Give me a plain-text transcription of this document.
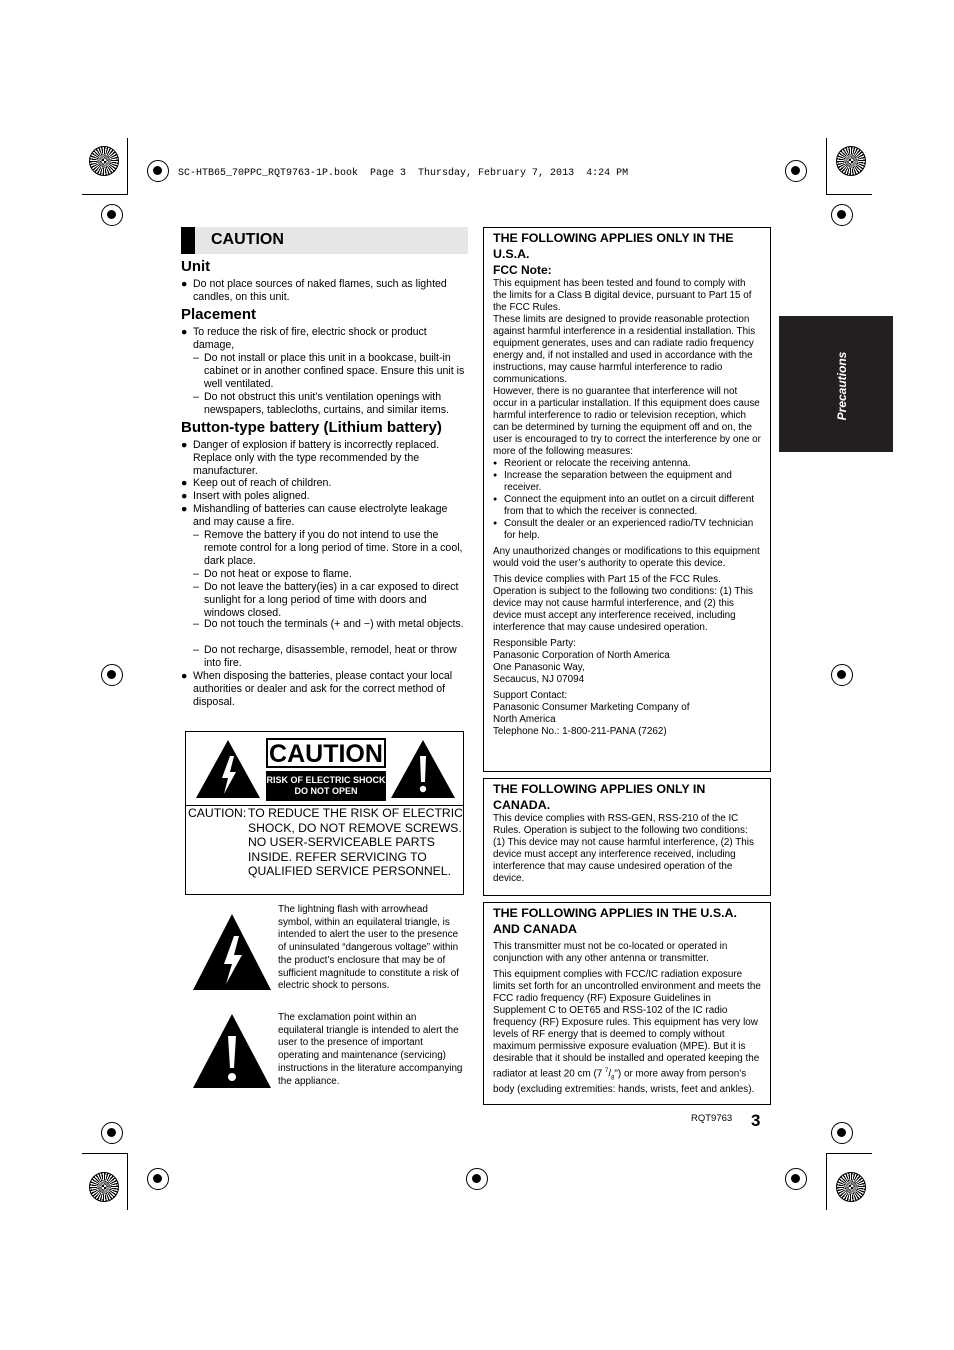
SC-HTB65_70PPC_RQT9763-1P.book  Page 3  Thursday, February 7, 2013  4:24 PM
Precautions
CAUTION
Unit
● Do not place sources of naked flames, such as lighted candles, on this unit.
Placement
● To reduce the risk of fire, electric shock or product damage,
– Do not install or place this unit in a bookcase, built-in cabinet or in another confined space. Ensure this unit is well ventilated.
– Do not obstruct this unit’s ventilation openings with newspapers, tablecloths, curtains, and similar items.
Button-type battery (Lithium battery)
● Danger of explosion if battery is incorrectly replaced. Replace only with the type recommended by the manufacturer.
● Keep out of reach of children.
● Insert with poles aligned.
● Mishandling of batteries can cause electrolyte leakage and may cause a fire.
– Remove the battery if you do not intend to use the remote control for a long period of time. Store in a cool, dark place.
– Do not heat or expose to flame.
– Do not leave the battery(ies) in a car exposed to direct sunlight for a long period of time with doors and windows closed.
– Do not touch the terminals (+ and −) with metal objects.
– Do not recharge, disassemble, remodel, heat or throw into fire.
● When disposing the batteries, please contact your local authorities or dealer and ask for the correct method of disposal.
CAUTION
RISK OF ELECTRIC SHOCK DO NOT OPEN
CAUTION: TO REDUCE THE RISK OF ELECTRIC SHOCK, DO NOT REMOVE SCREWS. NO USER-SERVICEABLE PARTS INSIDE. REFER SERVICING TO QUALIFIED SERVICE PERSONNEL.
The lightning flash with arrowhead symbol, within an equilateral triangle, is intended to alert the user to the presence of uninsulated “dangerous voltage” within the product’s enclosure that may be of sufficient magnitude to constitute a risk of electric shock to persons.
The exclamation point within an equilateral triangle is intended to alert the user to the presence of important operating and maintenance (servicing) instructions in the literature accompanying the appliance.
THE FOLLOWING APPLIES ONLY IN THE U.S.A.
FCC Note:

This equipment has been tested and found to comply with the limits for a Class B digital device, pursuant to Part 15 of the FCC Rules.

These limits are designed to provide reasonable protection against harmful interference in a residential installation. This equipment generates, uses and can radiate radio frequency energy and, if not installed and used in accordance with the instructions, may cause harmful interference to radio communications.

However, there is no guarantee that interference will not occur in a particular installation. If this equipment does cause harmful interference to radio or television reception, which can be determined by turning the equipment off and on, the user is encouraged to try to correct the interference by one or more of the following measures:

● Reorient or relocate the receiving antenna.
● Increase the separation between the equipment and receiver.
● Connect the equipment into an outlet on a circuit different from that to which the receiver is connected.
● Consult the dealer or an experienced radio/TV technician for help.

Any unauthorized changes or modifications to this equipment would void the user’s authority to operate this device.

This device complies with Part 15 of the FCC Rules. Operation is subject to the following two conditions: (1) This device may not cause harmful interference, and (2) this device must accept any interference received, including interference that may cause undesired operation.

Responsible Party:

Panasonic Corporation of North America

One Panasonic Way,

Secaucus, NJ 07094

Support Contact:

Panasonic Consumer Marketing Company of

North America

Telephone No.: 1-800-211-PANA (7262)

THE FOLLOWING APPLIES ONLY IN CANADA.

This device complies with RSS-GEN, RSS-210 of the IC Rules. Operation is subject to the following two conditions: (1) This device may not cause harmful interference, (2) This device must accept any interference received, including interference that may cause undesired operation of the device.

THE FOLLOWING APPLIES IN THE U.S.A. AND CANADA

This transmitter must not be co-located or operated in conjunction with any other antenna or transmitter.

This equipment complies with FCC/IC radiation exposure limits set forth for an uncontrolled environment and meets the FCC radio frequency (RF) Exposure Guidelines in Supplement C to OET65 and RSS-102 of the IC radio frequency (RF) Exposure rules. This equipment has very low levels of RF energy that is deemed to comply without maximum permissive exposure evaluation (MPE). But it is desirable that it should be installed and operated keeping the radiator at least 20 cm (7 $^7/_8$") or more away from person’s body (excluding extremities: hands, wrists, feet and ankles).

RQT9763 3
